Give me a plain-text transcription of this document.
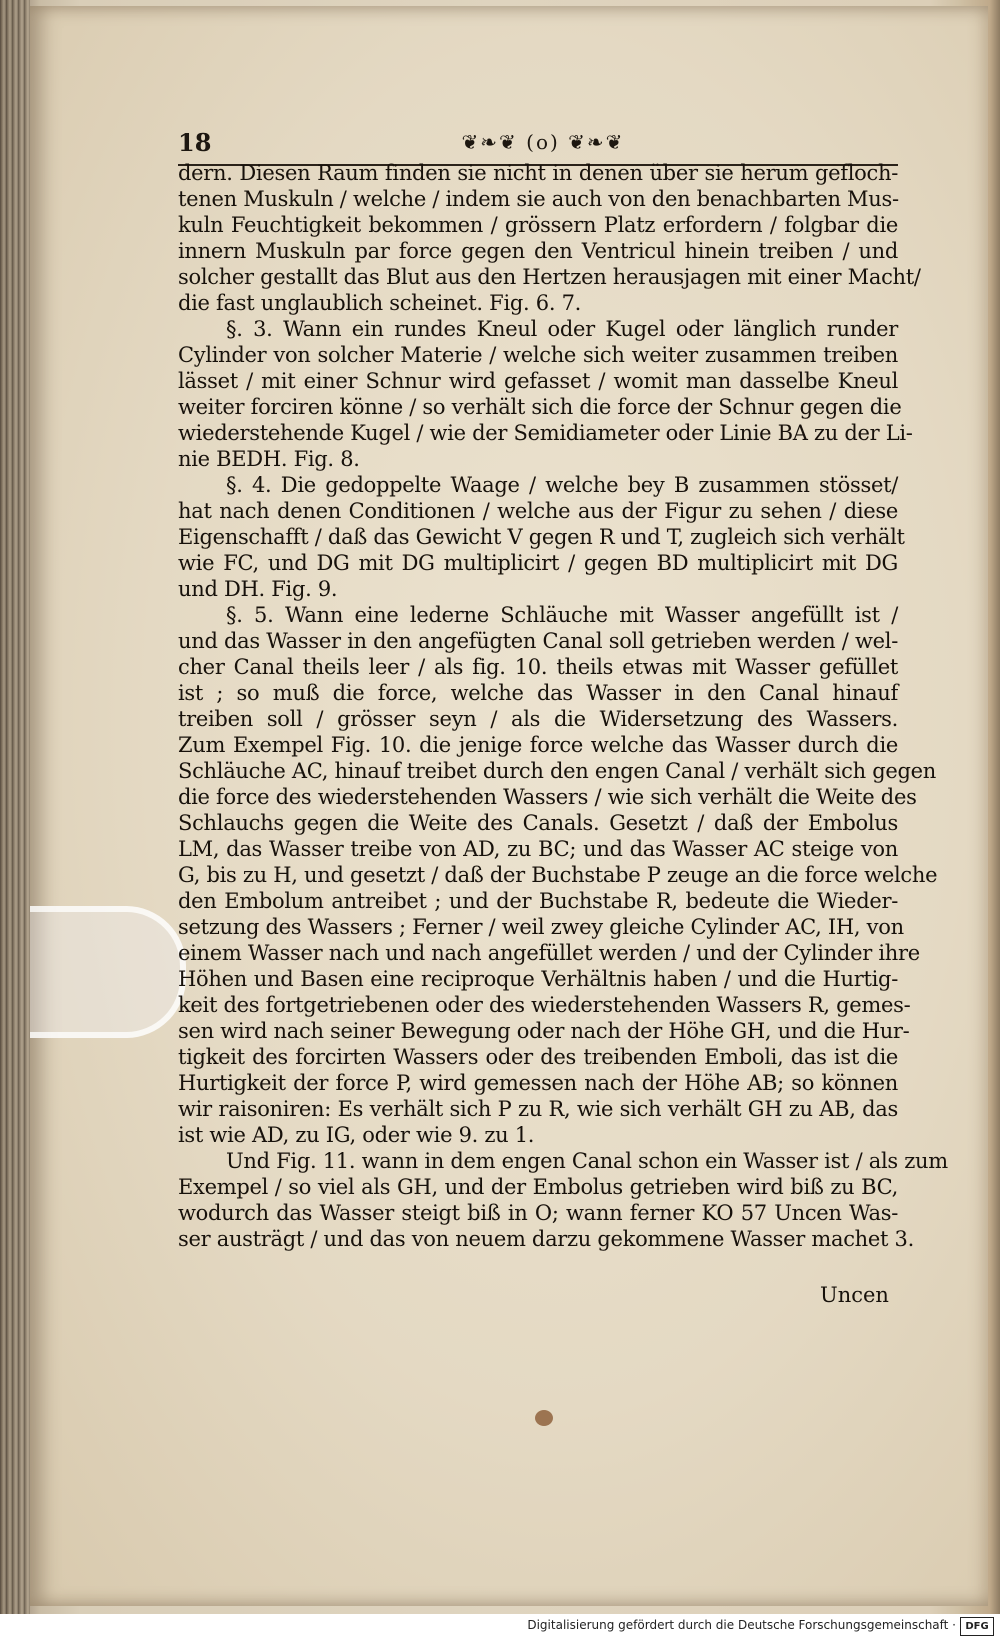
18	❦❧❦ (o) ❦❧❦
dern. Diesen Raum finden sie nicht in denen über sie herum gefloch-
tenen Muskuln / welche / indem sie auch von den benachbarten Mus-
kuln Feuchtigkeit bekommen / grössern Platz erfordern / folgbar die
innern Muskuln par force gegen den Ventricul hinein treiben / und
solcher gestallt das Blut aus den Hertzen herausjagen mit einer Macht/
die fast unglaublich scheinet. Fig. 6. 7.
§. 3. Wann ein rundes Kneul oder Kugel oder länglich runder
Cylinder von solcher Materie / welche sich weiter zusammen treiben
lässet / mit einer Schnur wird gefasset / womit man dasselbe Kneul
weiter forciren könne / so verhält sich die force der Schnur gegen die
wiederstehende Kugel / wie der Semidiameter oder Linie BA zu der Li-
nie BEDH. Fig. 8.
§. 4. Die gedoppelte Waage / welche bey B zusammen stösset/
hat nach denen Conditionen / welche aus der Figur zu sehen / diese
Eigenschafft / daß das Gewicht V gegen R und T, zugleich sich verhält
wie FC, und DG mit DG multiplicirt / gegen BD multiplicirt mit DG
und DH. Fig. 9.
§. 5. Wann eine lederne Schläuche mit Wasser angefüllt ist /
und das Wasser in den angefügten Canal soll getrieben werden / wel-
cher Canal theils leer / als fig. 10. theils etwas mit Wasser gefüllet
ist ; so muß die force, welche das Wasser in den Canal hinauf
treiben soll / grösser seyn / als die Widersetzung des Wassers.
Zum Exempel Fig. 10. die jenige force welche das Wasser durch die
Schläuche AC, hinauf treibet durch den engen Canal / verhält sich gegen
die force des wiederstehenden Wassers / wie sich verhält die Weite des
Schlauchs gegen die Weite des Canals. Gesetzt / daß der Embolus
LM, das Wasser treibe von AD, zu BC; und das Wasser AC steige von
G, bis zu H, und gesetzt / daß der Buchstabe P zeuge an die force welche
den Embolum antreibet ; und der Buchstabe R, bedeute die Wieder-
setzung des Wassers ; Ferner / weil zwey gleiche Cylinder AC, IH, von
einem Wasser nach und nach angefüllet werden / und der Cylinder ihre
Höhen und Basen eine reciproque Verhältnis haben / und die Hurtig-
keit des fortgetriebenen oder des wiederstehenden Wassers R, gemes-
sen wird nach seiner Bewegung oder nach der Höhe GH, und die Hur-
tigkeit des forcirten Wassers oder des treibenden Emboli, das ist die
Hurtigkeit der force P, wird gemessen nach der Höhe AB; so können
wir raisoniren: Es verhält sich P zu R, wie sich verhält GH zu AB, das
ist wie AD, zu IG, oder wie 9. zu 1.
Und Fig. 11. wann in dem engen Canal schon ein Wasser ist / als zum
Exempel / so viel als GH, und der Embolus getrieben wird biß zu BC,
wodurch das Wasser steigt biß in O; wann ferner KO 57 Uncen Was-
ser austrägt / und das von neuem darzu gekommene Wasser machet 3.
Uncen
Digitalisierung gefördert durch die Deutsche Forschungsgemeinschaft · DFG
